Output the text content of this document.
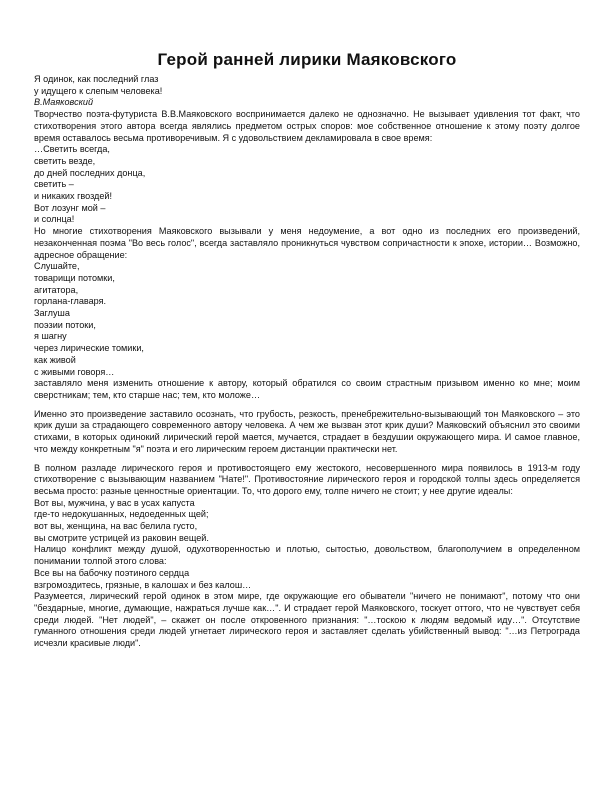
Герой ранней лирики Маяковского
Я одинок, как последний глаз
у идущего к слепым человека!
В.Маяковский

Творчество поэта-футуриста В.В.Маяковского воспринимается далеко не однозначно. Не вызывает удивления тот факт, что стихотворения этого автора всегда являлись предметом острых споров: мое собственное отношение к этому поэту долгое время оставалось весьма противоречивым. Я с удовольствием декламировала в свое время:

…Светить всегда,
светить везде,
до дней последних донца,
светить –
и никаких гвоздей!
Вот лозунг мой –
и солнца!

Но многие стихотворения Маяковского вызывали у меня недоумение, а вот одно из последних его произведений, незаконченная поэма "Во весь голос", всегда заставляло проникнуться чувством сопричастности к эпохе, истории… Возможно, адресное обращение:

Слушайте,
товарищи потомки,
агитатора,
горлана-главаря.
Заглуша
поэзии потоки,
я шагну
через лирические томики,
как живой
с живыми говоря…

заставляло меня изменить отношение к автору, который обратился со своим страстным призывом именно ко мне; моим сверстникам; тем, кто старше нас; тем, кто моложе…

Именно это произведение заставило осознать, что грубость, резкость, пренебрежительно-вызывающий тон Маяковского – это крик души за страдающего современного автору человека. А чем же вызван этот крик души? Маяковский объяснил это своими стихами, в которых одинокий лирический герой мается, мучается, страдает в бездушии окружающего мира. И самое главное, что между конкретным "я" поэта и его лирическим героем дистанции практически нет.

В полном разладе лирического героя и противостоящего ему жестокого, несовершенного мира появилось в 1913-м году стихотворение с вызывающим названием "Нате!". Противостояние лирического героя и городской толпы здесь определяется весьма просто: разные ценностные ориентации. То, что дорого ему, толпе ничего не стоит; у нее другие идеалы:

Вот вы, мужчина, у вас в усах капуста
где-то недокушанных, недоеденных щей;
вот вы, женщина, на вас белила густо,
вы смотрите устрицей из раковин вещей.

Налицо конфликт между душой, одухотворенностью и плотью, сытостью, довольством, благополучием в определенном понимании толпой этого слова:

Все вы на бабочку поэтиного сердца
взгромоздитесь, грязные, в калошах и без калош…

Разумеется, лирический герой одинок в этом мире, где окружающие его обыватели "ничего не понимают", потому что они "бездарные, многие, думающие, нажраться лучше как…". И страдает герой Маяковского, тоскует оттого, что не чувствует себя среди людей. "Нет людей", – скажет он после откровенного признания: "…тоскою к людям ведомый иду…". Отсутствие гуманного отношения среди людей угнетает лирического героя и заставляет сделать убийственный вывод: "…из Петрограда исчезли красивые люди".
